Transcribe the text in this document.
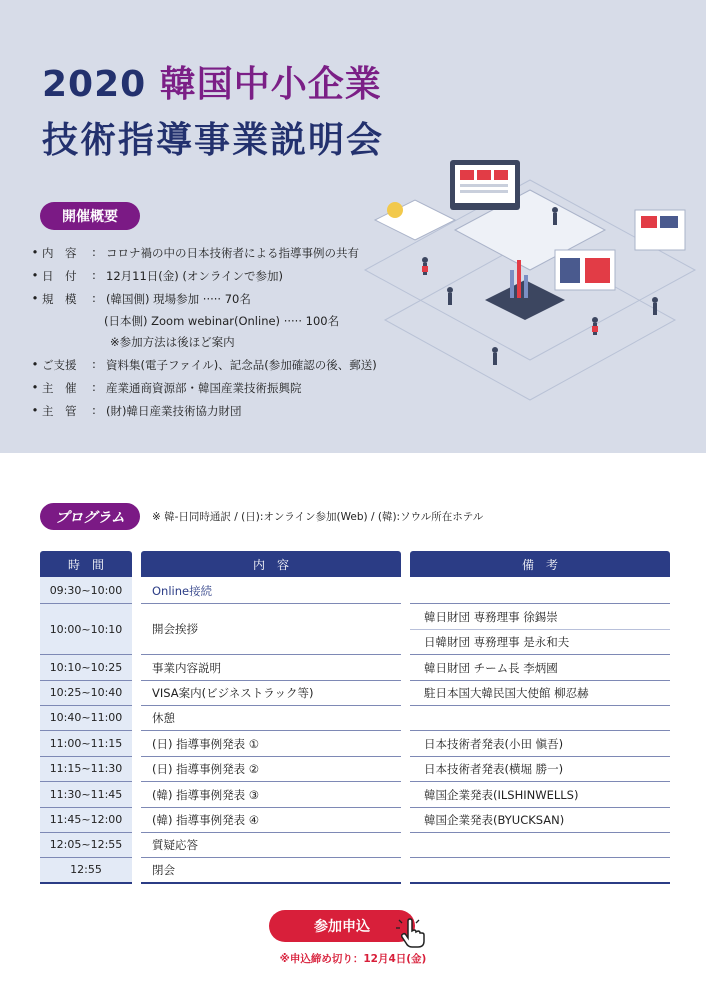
2020 韓国中小企業
技術指導事業説明会
開催概要
• 内　容	: コロナ禍の中の日本技術者による指導事例の共有
• 日　付	: 12月11日(金) (オンラインで参加)
• 規　模	: (韓国側) 現場参加 ····· 70名
(日本側) Zoom webinar(Online) ····· 100名
※参加方法は後ほど案内
• ご支援	: 資料集(電子ファイル)、記念品(参加確認の後、郵送)
• 主　催	: 産業通商資源部・韓国産業技術振興院
• 主　管	: (財)韓日産業技術協力財団
プログラム	※ 韓-日同時通訳 / (日):オンライン参加(Web) / (韓):ソウル所在ホテル
時　間	内　容	備　考
09:30~10:00	Online接続
10:00~10:10	開会挨拶
韓日財団 専務理事 徐錫崇
日韓財団 専務理事 是永和夫
10:10~10:25	事業内容説明	韓日財団 チーム長 李炳國
10:25~10:40	VISA案内(ビジネストラック等)	駐日本国大韓民国大使館 柳忍赫
10:40~11:00	休憩
11:00~11:15	(日) 指導事例発表 ①	日本技術者発表(小田 愼吾)
11:15~11:30	(日) 指導事例発表 ②	日本技術者発表(横堀 勝一)
11:30~11:45	(韓) 指導事例発表 ③	韓国企業発表(ILSHINWELLS)
11:45~12:00	(韓) 指導事例発表 ④	韓国企業発表(BYUCKSAN)
12:05~12:55	質疑応答
12:55	閉会
参加申込
※申込締め切り：12月4日(金)
